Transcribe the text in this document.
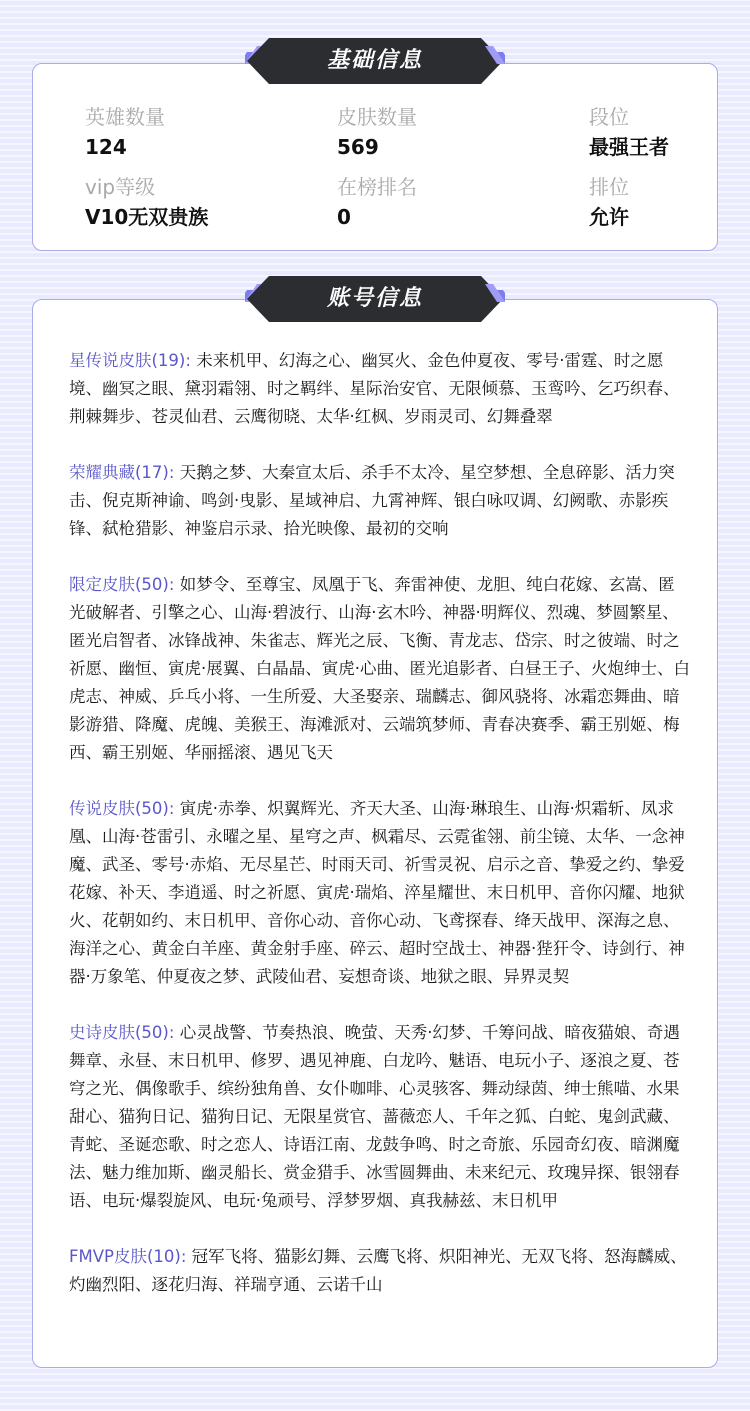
英雄数量
124
皮肤数量
569
段位
最强王者
vip等级
V10无双贵族
在榜排名
0
排位
允许
基础信息
星传说皮肤(19): 未来机甲、幻海之心、幽冥火、金色仲夏夜、零号·雷霆、时之愿境、幽冥之眼、黛羽霜翎、时之羁绊、星际治安官、无限倾慕、玉鸾吟、乞巧织春、荆棘舞步、苍灵仙君、云鹰彻晓、太华·红枫、岁雨灵司、幻舞叠翠
荣耀典藏(17): 天鹅之梦、大秦宣太后、杀手不太冷、星空梦想、全息碎影、活力突击、倪克斯神谕、鸣剑·曳影、星域神启、九霄神辉、银白咏叹调、幻阙歌、赤影疾锋、弑枪猎影、神鉴启示录、拾光映像、最初的交响
限定皮肤(50): 如梦令、至尊宝、凤凰于飞、奔雷神使、龙胆、纯白花嫁、玄嵩、匿光破解者、引擎之心、山海·碧波行、山海·玄木吟、神器·明辉仪、烈魂、梦圆繁星、匿光启智者、冰锋战神、朱雀志、辉光之辰、飞衡、青龙志、岱宗、时之彼端、时之祈愿、幽恒、寅虎·展翼、白晶晶、寅虎·心曲、匿光追影者、白昼王子、火炮绅士、白虎志、神威、乒乓小将、一生所爱、大圣娶亲、瑞麟志、御风骁将、冰霜恋舞曲、暗影游猎、降魔、虎魄、美猴王、海滩派对、云端筑梦师、青春决赛季、霸王别姬、梅西、霸王别姬、华丽摇滚、遇见飞天
传说皮肤(50): 寅虎·赤拳、炽翼辉光、齐天大圣、山海·琳琅生、山海·炽霜斩、凤求凰、山海·苍雷引、永曜之星、星穹之声、枫霜尽、云霓雀翎、前尘镜、太华、一念神魔、武圣、零号·赤焰、无尽星芒、时雨天司、祈雪灵祝、启示之音、挚爱之约、挚爱花嫁、补天、李逍遥、时之祈愿、寅虎·瑞焰、淬星耀世、末日机甲、音你闪耀、地狱火、花朝如约、末日机甲、音你心动、音你心动、飞鸢探春、绛天战甲、深海之息、海洋之心、黄金白羊座、黄金射手座、碎云、超时空战士、神器·狴犴令、诗剑行、神器·万象笔、仲夏夜之梦、武陵仙君、妄想奇谈、地狱之眼、异界灵契
史诗皮肤(50): 心灵战警、节奏热浪、晚萤、天秀·幻梦、千筹问战、暗夜猫娘、奇遇舞章、永昼、末日机甲、修罗、遇见神鹿、白龙吟、魅语、电玩小子、逐浪之夏、苍穹之光、偶像歌手、缤纷独角兽、女仆咖啡、心灵骇客、舞动绿茵、绅士熊喵、水果甜心、猫狗日记、猫狗日记、无限星赏官、蔷薇恋人、千年之狐、白蛇、鬼剑武藏、青蛇、圣诞恋歌、时之恋人、诗语江南、龙鼓争鸣、时之奇旅、乐园奇幻夜、暗渊魔法、魅力维加斯、幽灵船长、赏金猎手、冰雪圆舞曲、未来纪元、玫瑰异探、银翎春语、电玩·爆裂旋风、电玩·兔顽号、浮梦罗烟、真我赫兹、末日机甲
FMVP皮肤(10): 冠军飞将、猫影幻舞、云鹰飞将、炽阳神光、无双飞将、怒海麟威、灼幽烈阳、逐花归海、祥瑞亨通、云诺千山
账号信息
